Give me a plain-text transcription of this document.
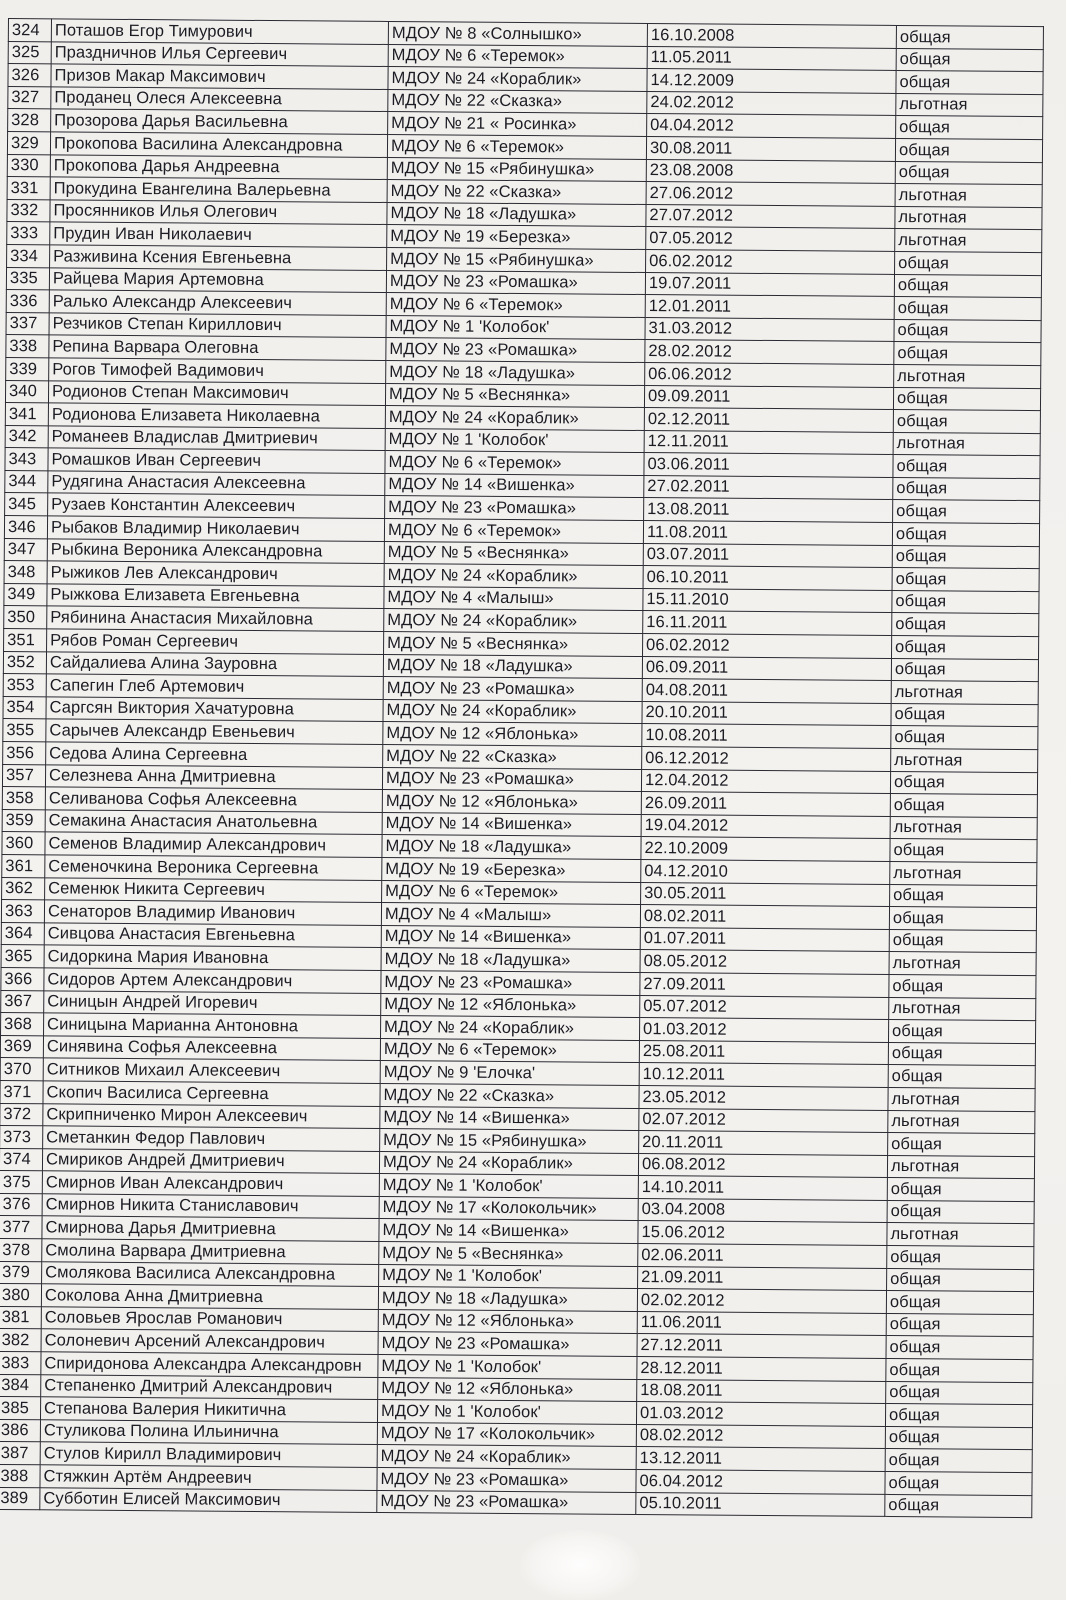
324	Поташов Егор Тимурович	МДОУ № 8 «Солнышко»	16.10.2008	общая
325	Праздничнов Илья Сергеевич	МДОУ № 6 «Теремок»	11.05.2011	общая
326	Призов Макар Максимович	МДОУ № 24 «Кораблик»	14.12.2009	общая
327	Проданец Олеся Алексеевна	МДОУ № 22 «Сказка»	24.02.2012	льготная
328	Прозорова Дарья Васильевна	МДОУ № 21 « Росинка»	04.04.2012	общая
329	Прокопова Василина Александровна	МДОУ № 6 «Теремок»	30.08.2011	общая
330	Прокопова Дарья Андреевна	МДОУ № 15 «Рябинушка»	23.08.2008	общая
331	Прокудина Евангелина Валерьевна	МДОУ № 22 «Сказка»	27.06.2012	льготная
332	Просянников Илья Олегович	МДОУ № 18 «Ладушка»	27.07.2012	льготная
333	Прудин Иван Николаевич	МДОУ № 19 «Березка»	07.05.2012	льготная
334	Разживина Ксения Евгеньевна	МДОУ № 15 «Рябинушка»	06.02.2012	общая
335	Райцева Мария Артемовна	МДОУ № 23 «Ромашка»	19.07.2011	общая
336	Ралько Александр Алексеевич	МДОУ № 6 «Теремок»	12.01.2011	общая
337	Резчиков Степан Кириллович	МДОУ № 1 'Колобок'	31.03.2012	общая
338	Репина Варвара Олеговна	МДОУ № 23 «Ромашка»	28.02.2012	общая
339	Рогов Тимофей Вадимович	МДОУ № 18 «Ладушка»	06.06.2012	льготная
340	Родионов Степан Максимович	МДОУ № 5 «Веснянка»	09.09.2011	общая
341	Родионова Елизавета Николаевна	МДОУ № 24 «Кораблик»	02.12.2011	общая
342	Романеев Владислав Дмитриевич	МДОУ № 1 'Колобок'	12.11.2011	льготная
343	Ромашков Иван Сергеевич	МДОУ № 6 «Теремок»	03.06.2011	общая
344	Рудягина Анастасия Алексеевна	МДОУ № 14 «Вишенка»	27.02.2011	общая
345	Рузаев Константин Алексеевич	МДОУ № 23 «Ромашка»	13.08.2011	общая
346	Рыбаков Владимир Николаевич	МДОУ № 6 «Теремок»	11.08.2011	общая
347	Рыбкина Вероника Александровна	МДОУ № 5 «Веснянка»	03.07.2011	общая
348	Рыжиков Лев Александрович	МДОУ № 24 «Кораблик»	06.10.2011	общая
349	Рыжкова Елизавета Евгеньевна	МДОУ № 4 «Малыш»	15.11.2010	общая
350	Рябинина Анастасия Михайловна	МДОУ № 24 «Кораблик»	16.11.2011	общая
351	Рябов Роман Сергеевич	МДОУ № 5 «Веснянка»	06.02.2012	общая
352	Сайдалиева Алина Зауровна	МДОУ № 18 «Ладушка»	06.09.2011	общая
353	Сапегин Глеб Артемович	МДОУ № 23 «Ромашка»	04.08.2011	льготная
354	Саргсян Виктория Хачатуровна	МДОУ № 24 «Кораблик»	20.10.2011	общая
355	Сарычев Александр Евеньевич	МДОУ № 12 «Яблонька»	10.08.2011	общая
356	Седова Алина Сергеевна	МДОУ № 22 «Сказка»	06.12.2012	льготная
357	Селезнева Анна Дмитриевна	МДОУ № 23 «Ромашка»	12.04.2012	общая
358	Селиванова Софья Алексеевна	МДОУ № 12 «Яблонька»	26.09.2011	общая
359	Семакина Анастасия Анатольевна	МДОУ № 14 «Вишенка»	19.04.2012	льготная
360	Семенов Владимир Александрович	МДОУ № 18 «Ладушка»	22.10.2009	общая
361	Семеночкина Вероника Сергеевна	МДОУ № 19 «Березка»	04.12.2010	льготная
362	Семенюк Никита Сергеевич	МДОУ № 6 «Теремок»	30.05.2011	общая
363	Сенаторов Владимир Иванович	МДОУ № 4 «Малыш»	08.02.2011	общая
364	Сивцова Анастасия Евгеньевна	МДОУ № 14 «Вишенка»	01.07.2011	общая
365	Сидоркина Мария Ивановна	МДОУ № 18 «Ладушка»	08.05.2012	льготная
366	Сидоров Артем Александрович	МДОУ № 23 «Ромашка»	27.09.2011	общая
367	Синицын Андрей Игоревич	МДОУ № 12 «Яблонька»	05.07.2012	льготная
368	Синицына Марианна Антоновна	МДОУ № 24 «Кораблик»	01.03.2012	общая
369	Синявина Софья Алексеевна	МДОУ № 6 «Теремок»	25.08.2011	общая
370	Ситников Михаил Алексеевич	МДОУ № 9 'Елочка'	10.12.2011	общая
371	Скопич Василиса Сергеевна	МДОУ № 22 «Сказка»	23.05.2012	льготная
372	Скрипниченко Мирон Алексеевич	МДОУ № 14 «Вишенка»	02.07.2012	льготная
373	Сметанкин Федор Павлович	МДОУ № 15 «Рябинушка»	20.11.2011	общая
374	Смириков Андрей Дмитриевич	МДОУ № 24 «Кораблик»	06.08.2012	льготная
375	Смирнов Иван Александрович	МДОУ № 1 'Колобок'	14.10.2011	общая
376	Смирнов Никита Станиславович	МДОУ № 17 «Колокольчик»	03.04.2008	общая
377	Смирнова Дарья Дмитриевна	МДОУ № 14 «Вишенка»	15.06.2012	льготная
378	Смолина Варвара Дмитриевна	МДОУ № 5 «Веснянка»	02.06.2011	общая
379	Смолякова Василиса Александровна	МДОУ № 1 'Колобок'	21.09.2011	общая
380	Соколова Анна Дмитриевна	МДОУ № 18 «Ладушка»	02.02.2012	общая
381	Соловьев Ярослав Романович	МДОУ № 12 «Яблонька»	11.06.2011	общая
382	Солоневич Арсений Александрович	МДОУ № 23 «Ромашка»	27.12.2011	общая
383	Спиридонова Александра Александровн	МДОУ № 1 'Колобок'	28.12.2011	общая
384	Степаненко Дмитрий Александрович	МДОУ № 12 «Яблонька»	18.08.2011	общая
385	Степанова Валерия Никитична	МДОУ № 1 'Колобок'	01.03.2012	общая
386	Стуликова Полина Ильинична	МДОУ № 17 «Колокольчик»	08.02.2012	общая
387	Стулов Кирилл Владимирович	МДОУ № 24 «Кораблик»	13.12.2011	общая
388	Стяжкин Артём Андреевич	МДОУ № 23 «Ромашка»	06.04.2012	общая
389	Субботин Елисей Максимович	МДОУ № 23 «Ромашка»	05.10.2011	общая
